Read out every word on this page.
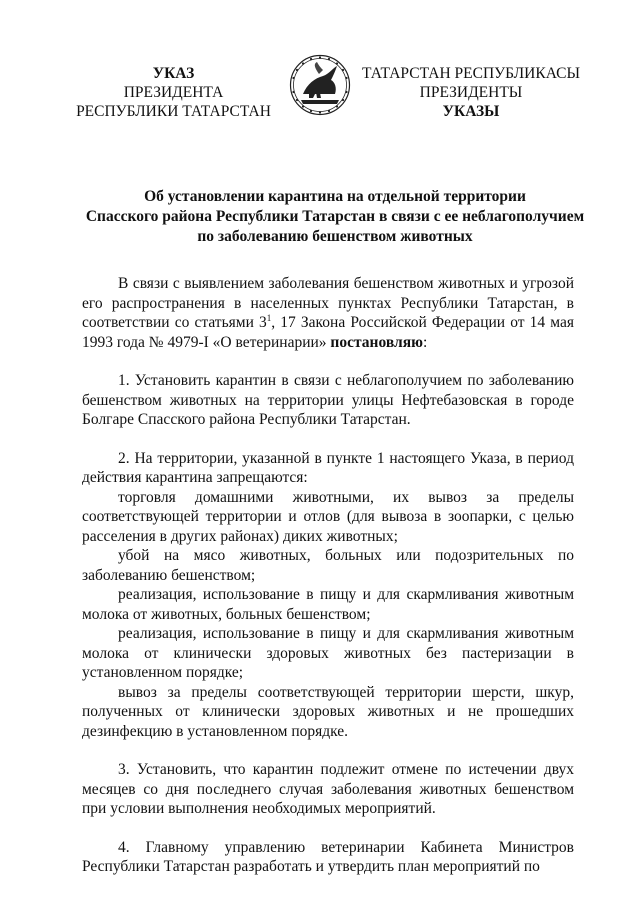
УКАЗ
ПРЕЗИДЕНТА
РЕСПУБЛИКИ ТАТАРСТАН
ТАТАРСТАН РЕСПУБЛИКАСЫ
ПРЕЗИДЕНТЫ
УКАЗЫ
Об установлении карантина на отдельной территории
Спасского района Республики Татарстан в связи с ее неблагополучием
по заболеванию бешенством животных

В связи с выявлением заболевания бешенством животных и угрозой его распространения в населенных пунктах Республики Татарстан, в соответствии со статьями $3^1$, 17 Закона Российской Федерации от 14 мая 1993 года № 4979-I «О ветеринарии» постановляю:

1. Установить карантин в связи с неблагополучием по заболеванию бешенством животных на территории улицы Нефтебазовская в городе Болгаре Спасского района Республики Татарстан.

2. На территории, указанной в пункте 1 настоящего Указа, в период действия карантина запрещаются:

торговля домашними животными, их вывоз за пределы соответствующей территории и отлов (для вывоза в зоопарки, с целью расселения в других районах) диких животных;

убой на мясо животных, больных или подозрительных по заболеванию бешенством;

реализация, использование в пищу и для скармливания животным молока от животных, больных бешенством;

реализация, использование в пищу и для скармливания животным молока от клинически здоровых животных без пастеризации в установленном порядке;

вывоз за пределы соответствующей территории шерсти, шкур, полученных от клинически здоровых животных и не прошедших дезинфекцию в установленном порядке.

3. Установить, что карантин подлежит отмене по истечении двух месяцев со дня последнего случая заболевания животных бешенством при условии выполнения необходимых мероприятий.

4. Главному управлению ветеринарии Кабинета Министров Республики Татарстан разработать и утвердить план мероприятий по
